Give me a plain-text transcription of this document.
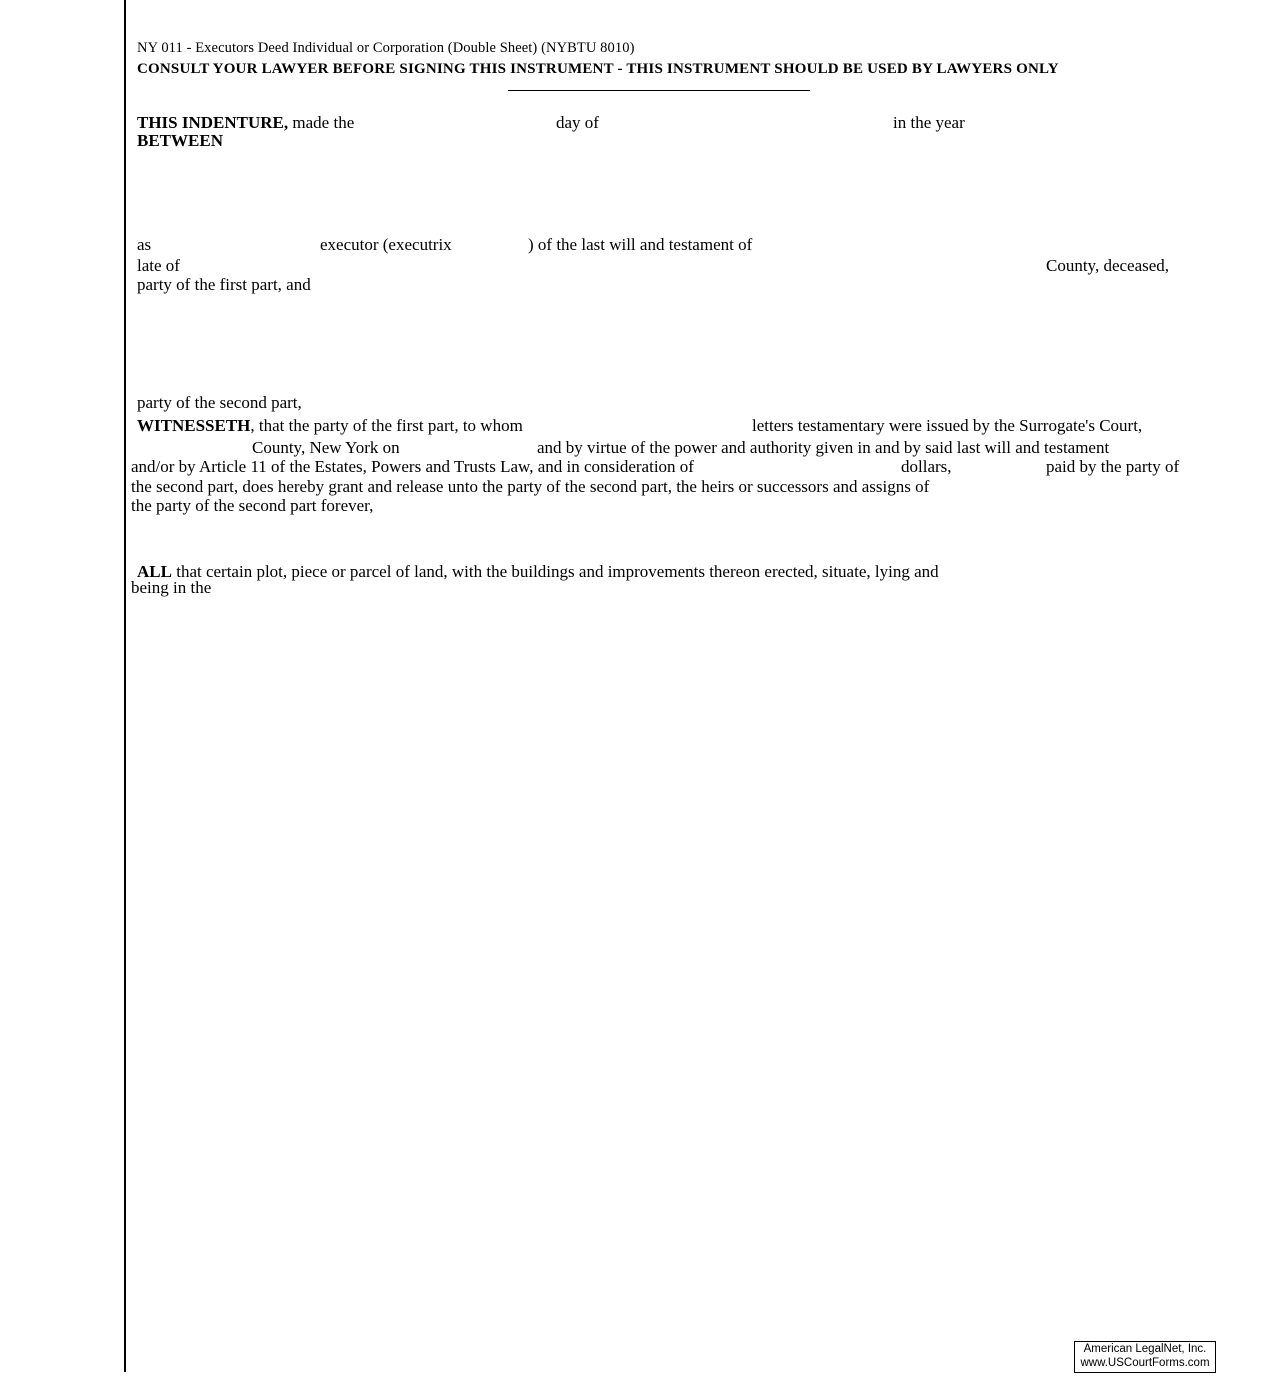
NY 011 - Executors Deed Individual or Corporation (Double Sheet) (NYBTU 8010)
CONSULT YOUR LAWYER BEFORE SIGNING THIS INSTRUMENT - THIS INSTRUMENT SHOULD BE USED BY LAWYERS ONLY
THIS INDENTURE, made the	day of	in the year
BETWEEN
as	executor (executrix	) of the last will and testament of
late of	County, deceased,
party of the first part, and
party of the second part,
WITNESSETH, that the party of the first part, to whom	letters testamentary were issued by the Surrogate's Court,
County, New York on	and by virtue of the power and authority given in and by said last will and testament
and/or by Article 11 of the Estates, Powers and Trusts Law, and in consideration of	dollars,	paid by the party of
the second part, does hereby grant and release unto the party of the second part, the heirs or successors and assigns of
the party of the second part forever,
ALL that certain plot, piece or parcel of land, with the buildings and improvements thereon erected, situate, lying and
being in the
American LegalNet, Inc.
www.USCourtForms.com
